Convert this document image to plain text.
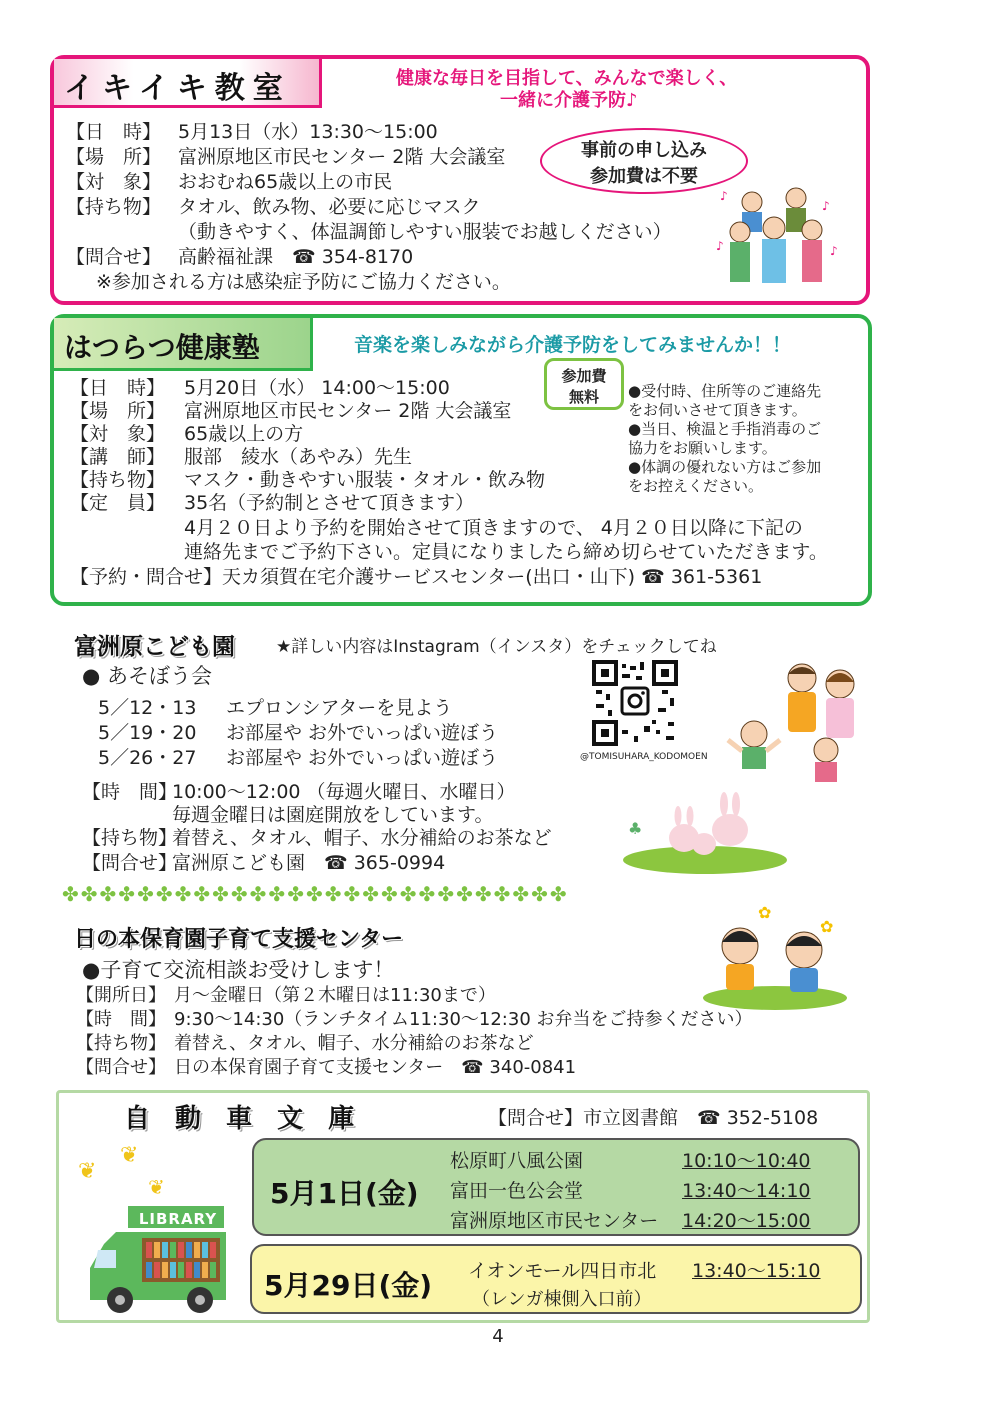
イキイキ教室	健康な毎日を目指して、みんなで楽しく、
一緒に介護予防♪
事前の申し込み
参加費は不要
【日　時】 5月13日（水）13:30～15:00
【場　所】 富洲原地区市民センター 2階 大会議室
【対　象】 おおむね65歳以上の市民
【持ち物】 タオル、飲み物、必要に応じマスク
（動きやすく、体温調節しやすい服装でお越しください）
【問合せ】 高齢福祉課　☎ 354-8170
※参加される方は感染症予防にご協力ください。
♪
♪
♪	♪
はつらつ健康塾	音楽を楽しみながら介護予防をしてみませんか！！
参加費
無料	●受付時、住所等のご連絡先
をお伺いさせて頂きます。
●当日、検温と手指消毒のご
協力をお願いします。
●体調の優れない方はご参加
をお控えください。
【日　時】 5月20日（水） 14:00～15:00
【場　所】 富洲原地区市民センター 2階 大会議室
【対　象】 65歳以上の方
【講　師】 服部　綾水（あやみ）先生
【持ち物】 マスク・動きやすい服装・タオル・飲み物
【定　員】 35名（予約制とさせて頂きます）
4月２０日より予約を開始させて頂きますので、 4月２０日以降に下記の
連絡先までご予約下さい。定員になりましたら締め切らせていただきます。
【予約・問合せ】天カ須賀在宅介護サービスセンター(出口・山下) ☎ 361-5361
富洲原こども園 ★詳しい内容はInstagram（インスタ）をチェックしてね
● あそぼう会
5／12・13 エプロンシアターを見よう
5／19・20 お部屋や お外でいっぱい遊ぼう
5／26・27 お部屋や お外でいっぱい遊ぼう	@TOMISUHARA_KODOMOEN
【時　間】10:00～12:00 （毎週火曜日、水曜日）
毎週金曜日は園庭開放をしています。
【持ち物】着替え、タオル、帽子、水分補給のお茶など
【問合せ】富洲原こども園　☎ 365-0994
♣
✤ ✤ ✤ ✤ ✤ ✤ ✤ ✤ ✤ ✤ ✤ ✤ ✤ ✤ ✤ ✤ ✤ ✤ ✤ ✤ ✤ ✤ ✤ ✤ ✤ ✤ ✤
日の本保育園子育て支援センター
●子育て交流相談お受けします！
【開所日】 月～金曜日（第２木曜日は11:30まで）
【時　間】 9:30～14:30（ランチタイム11:30～12:30 お弁当をご持参ください）
【持ち物】 着替え、タオル、帽子、水分補給のお茶など
【問合せ】 日の本保育園子育て支援センター　☎ 340-0841
✿
✿
自 動 車 文 庫	【問合せ】市立図書館　☎ 352-5108
❦
❦
❦
LIBRARY
5月1日(金)
松原町八風公園	10:10～10:40
富田一色公会堂	13:40～14:10
富洲原地区市民センター 14:20～15:00
5月29日(金) イオンモール四日市北 13:40～15:10
（レンガ棟側入口前）
4
